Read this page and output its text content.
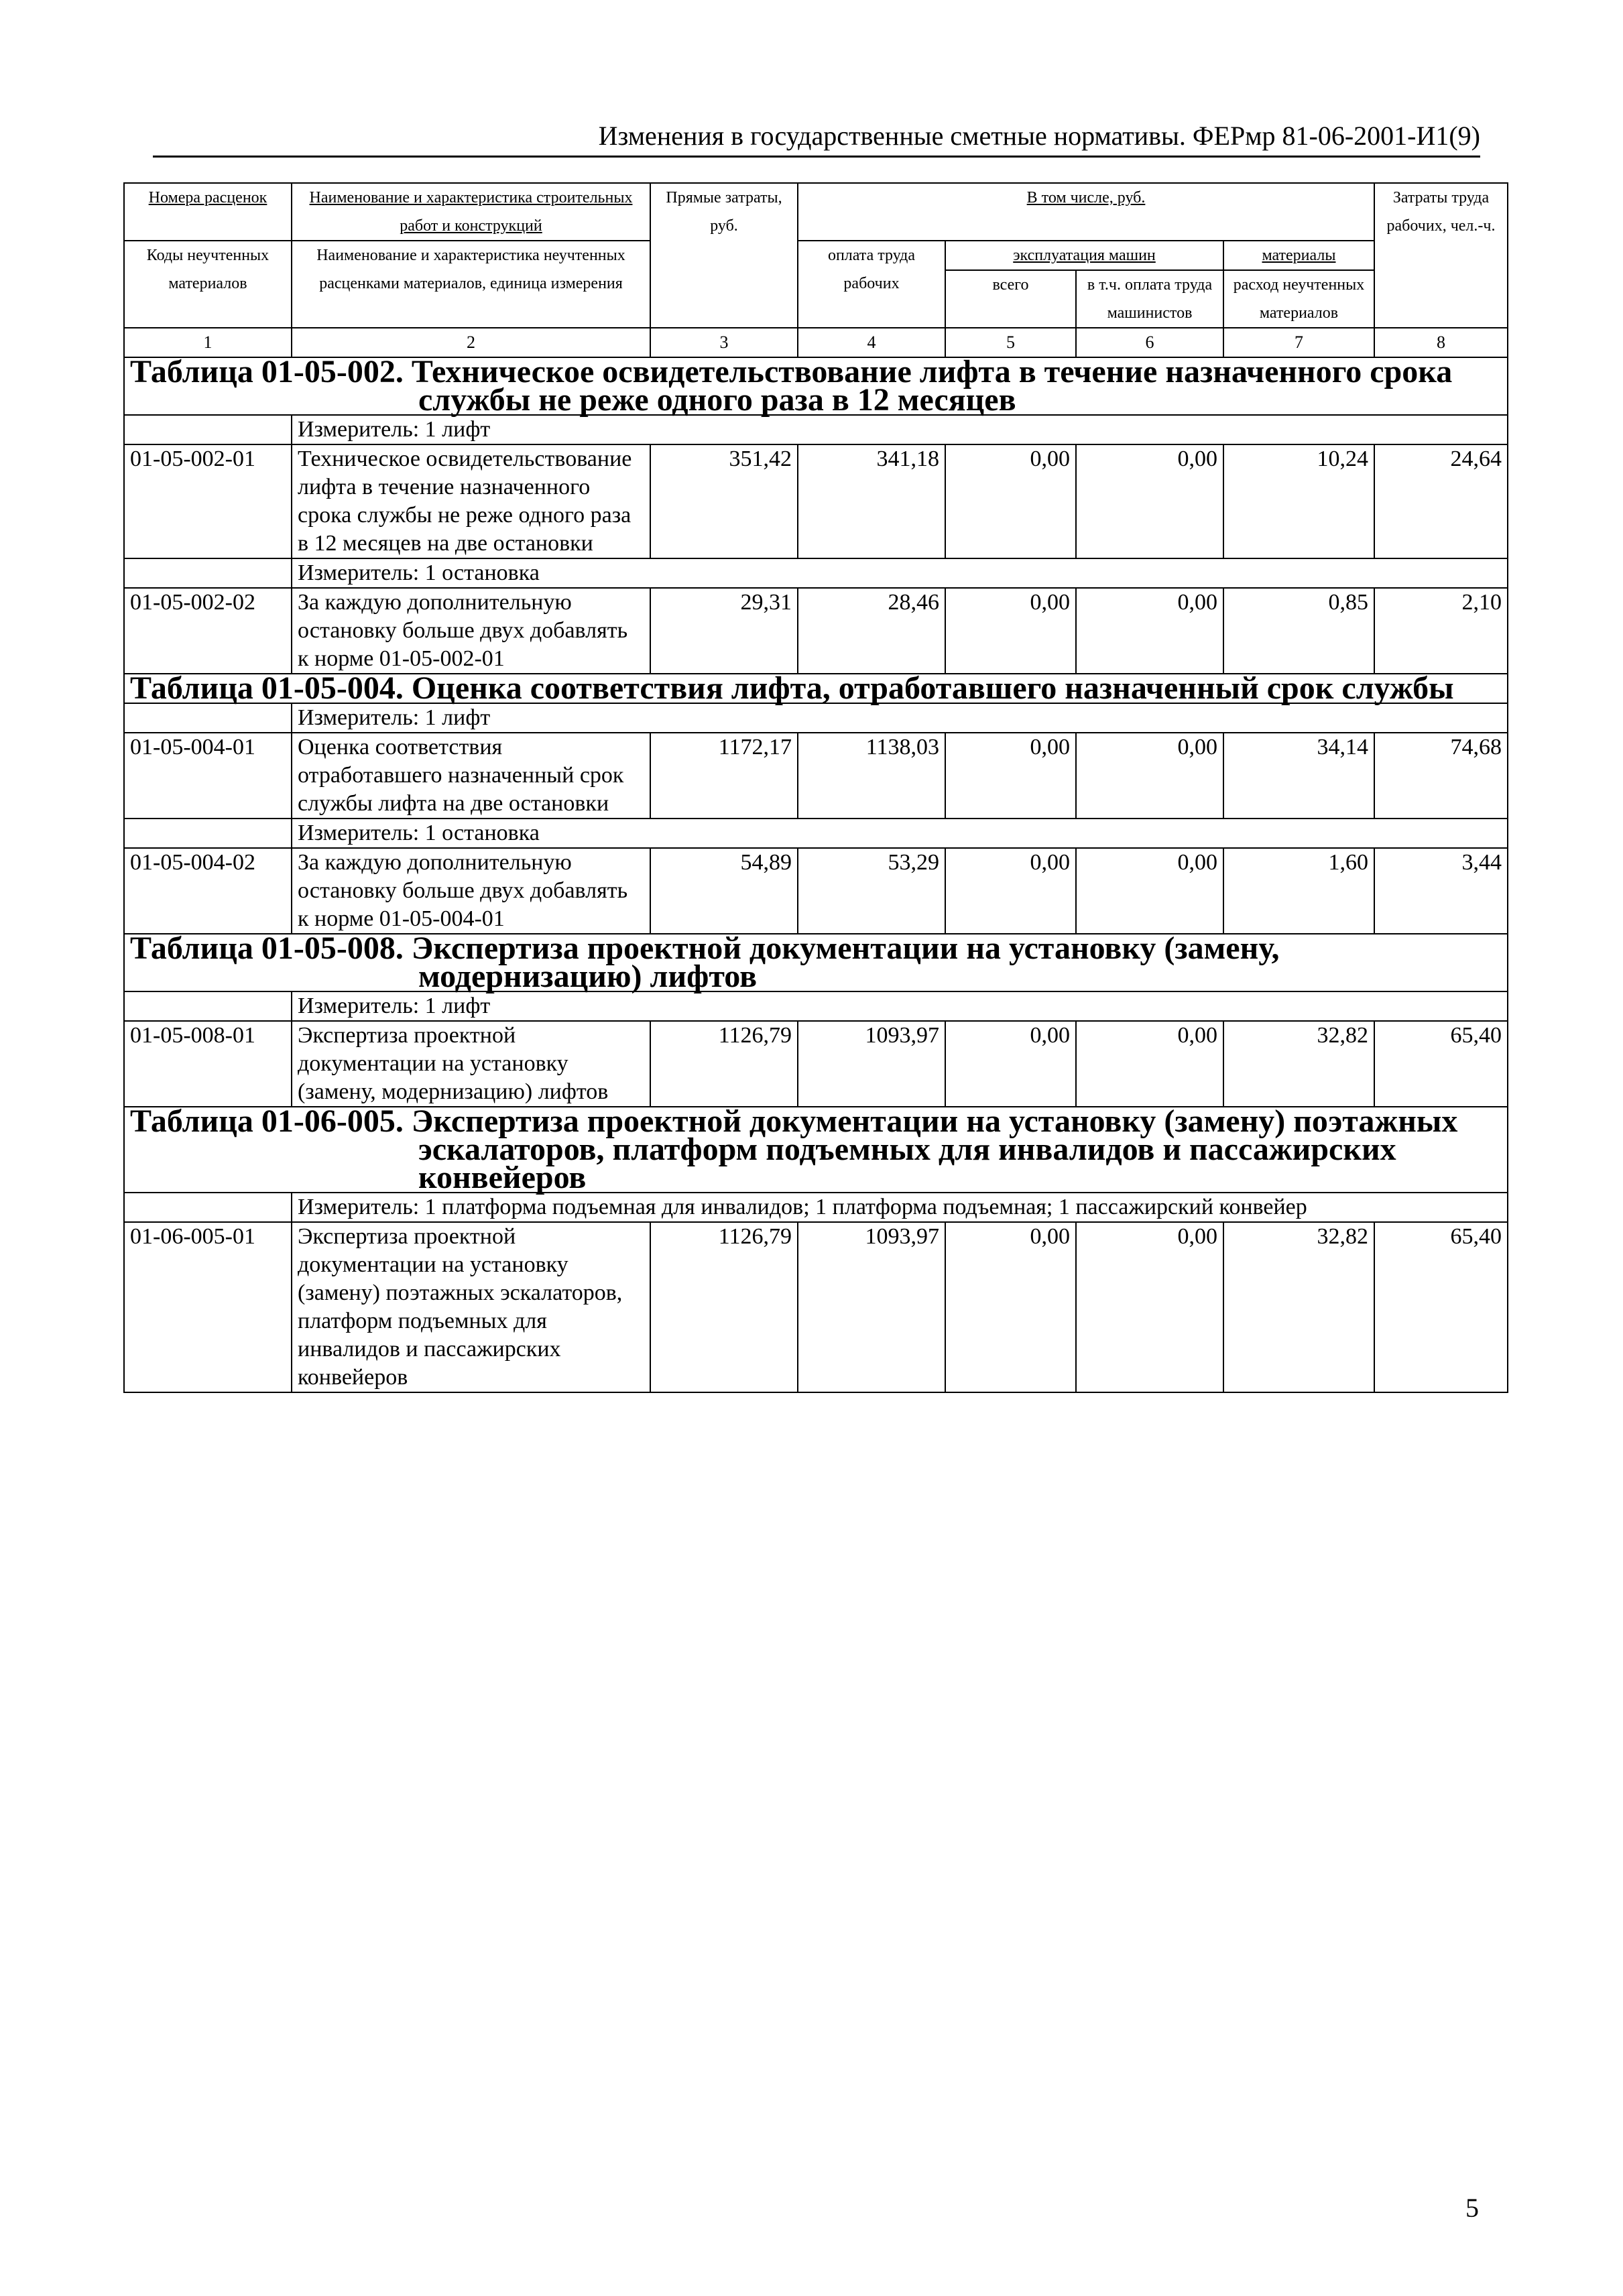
Изменения в государственные сметные нормативы. ФЕРмр 81-06-2001-И1(9)
Номера расценок	Наименование и характеристика строительных работ и конструкций	Прямые затраты, руб.	В том числе, руб.				Затраты труда рабочих, чел.-ч.
Коды неучтенных материалов	Наименование и характеристика неучтенных расценками материалов, единица измерения		оплата труда рабочих	эксплуатация машин		материалы	
				всего	в т.ч. оплата труда машинистов	расход неучтенных материалов	
1	2	3	4	5	6	7	8

Таблица 01-05-002. Техническое освидетельствование лифта в течение назначенного срока
службы не реже одного раза в 12 месяцев							

	Измеритель: 1 лифт						
01-05-002-01	Техническое освидетельствование лифта в течение назначенного срока службы не реже одного раза в 12 месяцев на две остановки	351,42	341,18	0,00	0,00	10,24	24,64
	Измеритель: 1 остановка						
01-05-002-02	За каждую дополнительную остановку больше двух добавлять к норме 01-05-002-01	29,31	28,46	0,00	0,00	0,85	2,10

Таблица 01-05-004. Оценка соответствия лифта, отработавшего назначенный срок службы							

	Измеритель: 1 лифт						
01-05-004-01	Оценка соответствия отработавшего назначенный срок службы лифта на две остановки	1172,17	1138,03	0,00	0,00	34,14	74,68
	Измеритель: 1 остановка						
01-05-004-02	За каждую дополнительную остановку больше двух добавлять к норме 01-05-004-01	54,89	53,29	0,00	0,00	1,60	3,44

Таблица 01-05-008. Экспертиза проектной документации на установку (замену,
модернизацию) лифтов							

	Измеритель: 1 лифт						
01-05-008-01	Экспертиза проектной документации на установку (замену, модернизацию) лифтов	1126,79	1093,97	0,00	0,00	32,82	65,40

Таблица 01-06-005. Экспертиза проектной документации на установку (замену) поэтажных
эскалаторов, платформ подъемных для инвалидов и пассажирских
конвейеров							

	Измеритель: 1 платформа подъемная для инвалидов; 1 платформа подъемная; 1 пассажирский конвейер						
01-06-005-01	Экспертиза проектной документации на установку (замену) поэтажных эскалаторов, платформ подъемных для инвалидов и пассажирских конвейеров	1126,79	1093,97	0,00	0,00	32,82	65,40
5
